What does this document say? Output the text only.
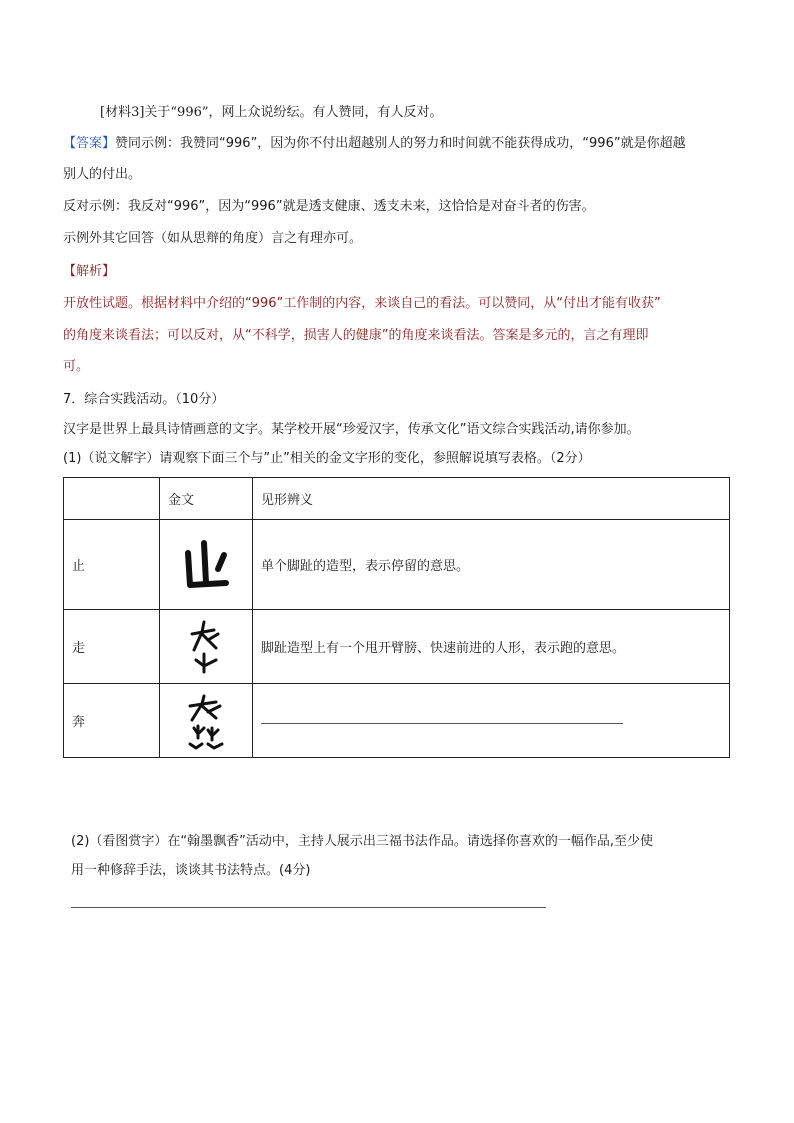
[材料3]关于“996”，网上众说纷纭。有人赞同，有人反对。
【答案】赞同示例：我赞同“996”，因为你不付出超越别人的努力和时间就不能获得成功，“996”就是你超越
别人的付出。
反对示例：我反对“996”，因为“996”就是透支健康、透支未来，这恰恰是对奋斗者的伤害。
示例外其它回答（如从思辩的角度）言之有理亦可。
【解析】
开放性试题。根据材料中介绍的“996”工作制的内容，来谈自己的看法。可以赞同，从“付出才能有收获”
的角度来谈看法；可以反对，从“不科学，损害人的健康”的角度来谈看法。答案是多元的，言之有理即
可。
7．综合实践活动。（10分）
汉字是世界上最具诗情画意的文字。某学校开展“珍爱汉字，传承文化”语文综合实践活动,请你参加。
(1)（说文解字）请观察下面三个与”止”相关的金文字形的变化，参照解说填写表格。（2分）
	金文	见形辨义
止		单个脚趾的造型，表示停留的意思。
走		脚趾造型上有一个甩开臂膀、快速前进的人形，表示跑的意思。
奔	

(2)（看图赏字）在“翰墨飘香”活动中，主持人展示出三福书法作品。请选择你喜欢的一幅作品,至少使
用一种修辞手法，谈谈其书法特点。(4分)
